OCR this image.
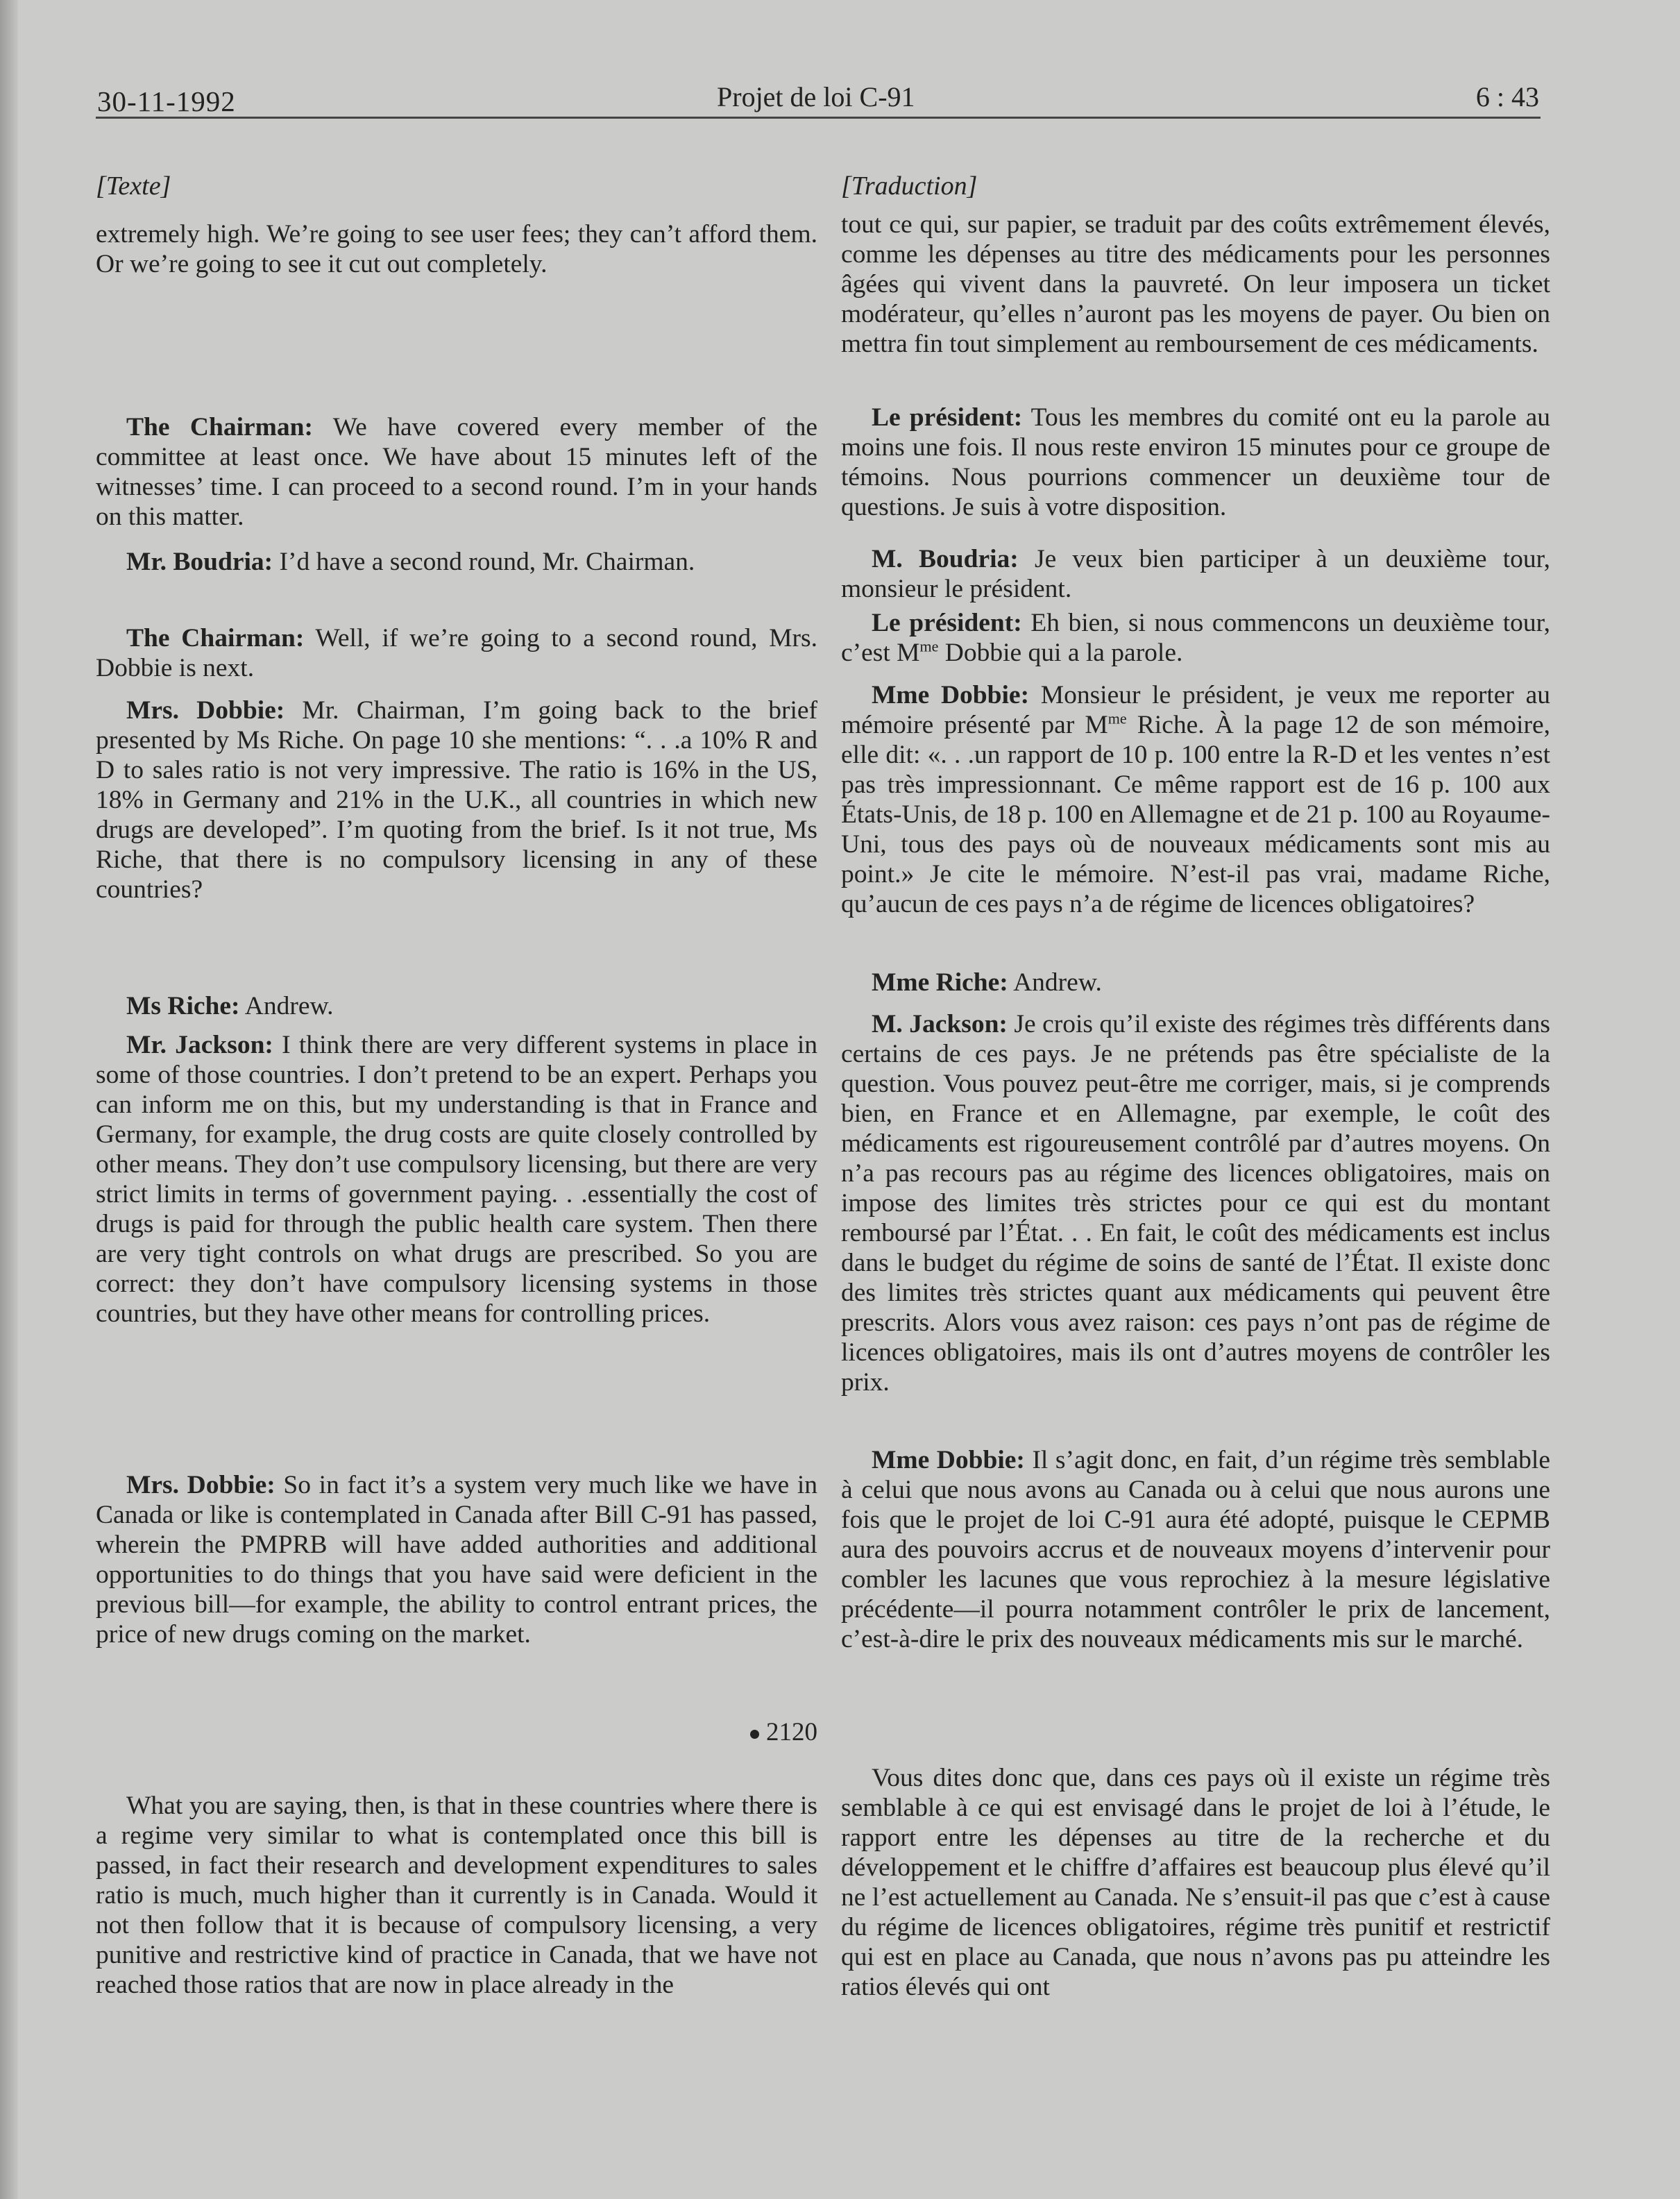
30-11-1992	Projet de loi C-91	6 : 43
[Texte]

extremely high. We’re going to see user fees; they can’t afford them. Or we’re going to see it cut out completely.

The Chairman: We have covered every member of the committee at least once. We have about 15 minutes left of the witnesses’ time. I can proceed to a second round. I’m in your hands on this matter.

Mr. Boudria: I’d have a second round, Mr. Chairman.

The Chairman: Well, if we’re going to a second round, Mrs. Dobbie is next.

Mrs. Dobbie: Mr. Chairman, I’m going back to the brief presented by Ms Riche. On page 10 she mentions: “. . .a 10% R and D to sales ratio is not very impressive. The ratio is 16% in the US, 18% in Germany and 21% in the U.K., all countries in which new drugs are developed”. I’m quoting from the brief. Is it not true, Ms Riche, that there is no compulsory licensing in any of these countries?

Ms Riche: Andrew.

Mr. Jackson: I think there are very different systems in place in some of those countries. I don’t pretend to be an expert. Perhaps you can inform me on this, but my understanding is that in France and Germany, for example, the drug costs are quite closely controlled by other means. They don’t use compulsory licensing, but there are very strict limits in terms of government paying. . .essentially the cost of drugs is paid for through the public health care system. Then there are very tight controls on what drugs are prescribed. So you are correct: they don’t have compulsory licensing systems in those countries, but they have other means for controlling prices.

Mrs. Dobbie: So in fact it’s a system very much like we have in Canada or like is contemplated in Canada after Bill C-91 has passed, wherein the PMPRB will have added authorities and additional opportunities to do things that you have said were deficient in the previous bill—for example, the ability to control entrant prices, the price of new drugs coming on the market.

2120

What you are saying, then, is that in these countries where there is a regime very similar to what is contemplated once this bill is passed, in fact their research and development expenditures to sales ratio is much, much higher than it currently is in Canada. Would it not then follow that it is because of compulsory licensing, a very punitive and restrictive kind of practice in Canada, that we have not reached those ratios that are now in place already in the

[Traduction]

tout ce qui, sur papier, se traduit par des coûts extrêmement élevés, comme les dépenses au titre des médicaments pour les personnes âgées qui vivent dans la pauvreté. On leur imposera un ticket modérateur, qu’elles n’auront pas les moyens de payer. Ou bien on mettra fin tout simplement au remboursement de ces médicaments.

Le président: Tous les membres du comité ont eu la parole au moins une fois. Il nous reste environ 15 minutes pour ce groupe de témoins. Nous pourrions commencer un deuxième tour de questions. Je suis à votre disposition.

M. Boudria: Je veux bien participer à un deuxième tour, monsieur le président.

Le président: Eh bien, si nous commencons un deuxième tour, c’est $M^{me}$ Dobbie qui a la parole.

Mme Dobbie: Monsieur le président, je veux me reporter au mémoire présenté par $M^{me}$ Riche. À la page 12 de son mémoire, elle dit: «. . .un rapport de 10 p. 100 entre la R-D et les ventes n’est pas très impressionnant. Ce même rapport est de 16 p. 100 aux États-Unis, de 18 p. 100 en Allemagne et de 21 p. 100 au Royaume-Uni, tous des pays où de nouveaux médicaments sont mis au point.» Je cite le mémoire. N’est-il pas vrai, madame Riche, qu’aucun de ces pays n’a de régime de licences obligatoires?

Mme Riche: Andrew.

M. Jackson: Je crois qu’il existe des régimes très différents dans certains de ces pays. Je ne prétends pas être spécialiste de la question. Vous pouvez peut-être me corriger, mais, si je comprends bien, en France et en Allemagne, par exemple, le coût des médicaments est rigoureusement contrôlé par d’autres moyens. On n’a pas recours pas au régime des licences obligatoires, mais on impose des limites très strictes pour ce qui est du montant remboursé par l’État. . . En fait, le coût des médicaments est inclus dans le budget du régime de soins de santé de l’État. Il existe donc des limites très strictes quant aux médicaments qui peuvent être prescrits. Alors vous avez raison: ces pays n’ont pas de régime de licences obligatoires, mais ils ont d’autres moyens de contrôler les prix.

Mme Dobbie: Il s’agit donc, en fait, d’un régime très semblable à celui que nous avons au Canada ou à celui que nous aurons une fois que le projet de loi C-91 aura été adopté, puisque le CEPMB aura des pouvoirs accrus et de nouveaux moyens d’intervenir pour combler les lacunes que vous reprochiez à la mesure législative précédente—il pourra notamment contrôler le prix de lancement, c’est-à-dire le prix des nouveaux médicaments mis sur le marché.

Vous dites donc que, dans ces pays où il existe un régime très semblable à ce qui est envisagé dans le projet de loi à l’étude, le rapport entre les dépenses au titre de la recherche et du développement et le chiffre d’affaires est beaucoup plus élevé qu’il ne l’est actuellement au Canada. Ne s’ensuit-il pas que c’est à cause du régime de licences obligatoires, régime très punitif et restrictif qui est en place au Canada, que nous n’avons pas pu atteindre les ratios élevés qui ont
